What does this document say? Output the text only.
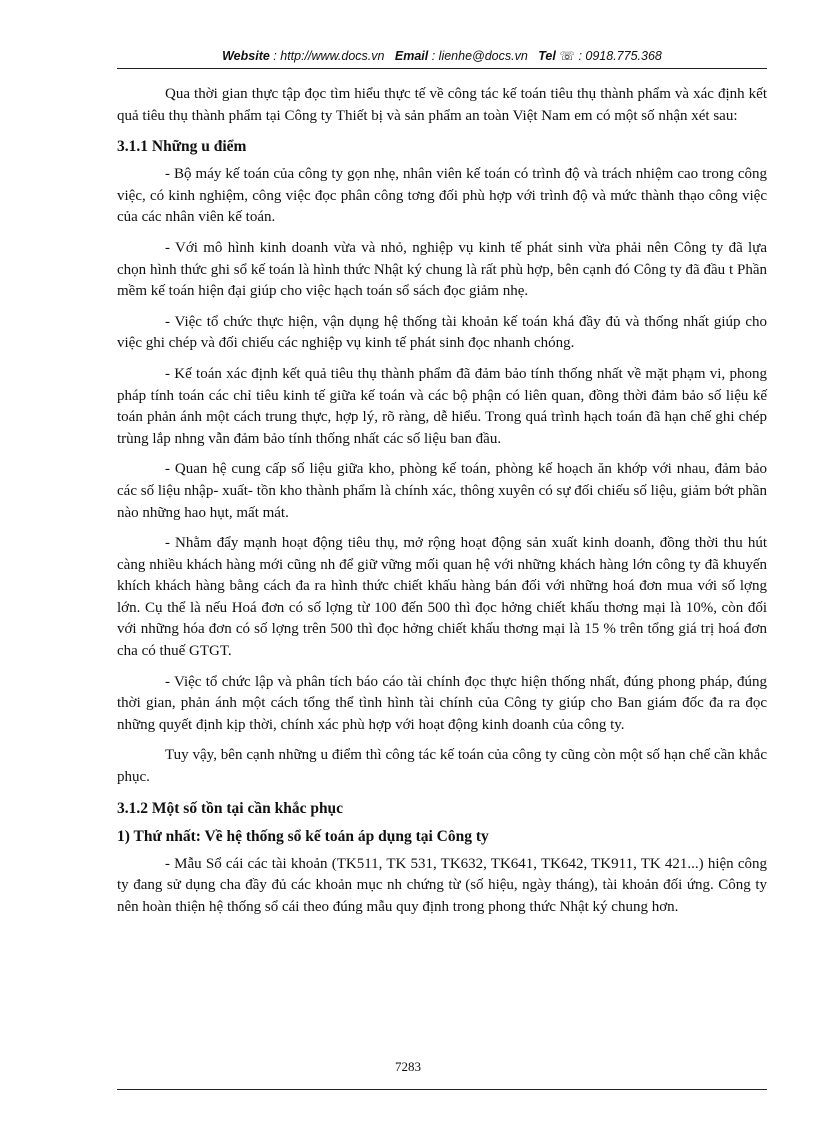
Website : http://www.docs.vn Email : lienhe@docs.vn Tel ☏ : 0918.775.368

Qua thời gian thực tập đọc tìm hiểu thực tế về công tác kế toán tiêu thụ thành phẩm và xác định kết quả tiêu thụ thành phẩm tại Công ty Thiết bị và sản phẩm an toàn Việt Nam em có một số nhận xét sau:

3.1.1 Những u điểm

- Bộ máy kế toán của công ty gọn nhẹ, nhân viên kế toán có trình độ và trách nhiệm cao trong công việc, có kinh nghiệm, công việc đọc phân công tơng đối phù hợp với trình độ và mức thành thạo công việc của các nhân viên kế toán.

- Với mô hình kinh doanh vừa và nhỏ, nghiệp vụ kinh tế phát sinh vừa phải nên Công ty đã lựa chọn hình thức ghi sổ kế toán là hình thức Nhật ký chung là rất phù hợp, bên cạnh đó Công ty đã đầu t Phần mềm kế toán hiện đại giúp cho việc hạch toán sổ sách đọc giảm nhẹ.

- Việc tổ chức thực hiện, vận dụng hệ thống tài khoản kế toán khá đầy đủ và thống nhất giúp cho việc ghi chép và đối chiếu các nghiệp vụ kinh tế phát sinh đọc nhanh chóng.

- Kế toán xác định kết quả tiêu thụ thành phẩm đã đảm bảo tính thống nhất về mặt phạm vi, phong pháp tính toán các chỉ tiêu kinh tế giữa kế toán và các bộ phận có liên quan, đồng thời đảm bảo số liệu kế toán phản ánh một cách trung thực, hợp lý, rõ ràng, dễ hiểu. Trong quá trình hạch toán đã hạn chế ghi chép trùng lắp nhng vẫn đảm bảo tính thống nhất các số liệu ban đầu.

- Quan hệ cung cấp số liệu giữa kho, phòng kế toán, phòng kế hoạch ăn khớp với nhau, đảm bảo các số liệu nhập- xuất- tồn kho thành phẩm là chính xác, thông xuyên có sự đối chiếu số liệu, giảm bớt phần nào những hao hụt, mất mát.

- Nhằm đẩy mạnh hoạt động tiêu thụ, mở rộng hoạt động sản xuất kinh doanh, đồng thời thu hút càng nhiều khách hàng mới cũng nh để giữ vững mối quan hệ với những khách hàng lớn công ty đã khuyến khích khách hàng bằng cách đa ra hình thức chiết khấu hàng bán đối với những hoá đơn mua với số lợng lớn. Cụ thể là nếu Hoá đơn có số lợng từ 100 đến 500 thì đọc hởng chiết khấu thơng mại là 10%, còn đối với những hóa đơn có số lợng trên 500 thì đọc hởng chiết khấu thơng mại là 15 % trên tổng giá trị hoá đơn cha có thuế GTGT.

- Việc tổ chức lập và phân tích báo cáo tài chính đọc thực hiện thống nhất, đúng phong pháp, đúng thời gian, phản ánh một cách tổng thể tình hình tài chính của Công ty giúp cho Ban giám đốc đa ra đọc những quyết định kịp thời, chính xác phù hợp với hoạt động kinh doanh của công ty.

Tuy vậy, bên cạnh những u điểm thì công tác kế toán của công ty cũng còn một số hạn chế cần khắc phục.

3.1.2 Một số tồn tại cần khắc phục
1) Thứ nhất: Về hệ thống sổ kế toán áp dụng tại Công ty

- Mẫu Sổ cái các tài khoản (TK511, TK 531, TK632, TK641, TK642, TK911, TK 421...) hiện công ty đang sử dụng cha đầy đủ các khoản mục nh chứng từ (số hiệu, ngày tháng), tài khoản đối ứng. Công ty nên hoàn thiện hệ thống sổ cái theo đúng mẫu quy định trong phong thức Nhật ký chung hơn.

7283
